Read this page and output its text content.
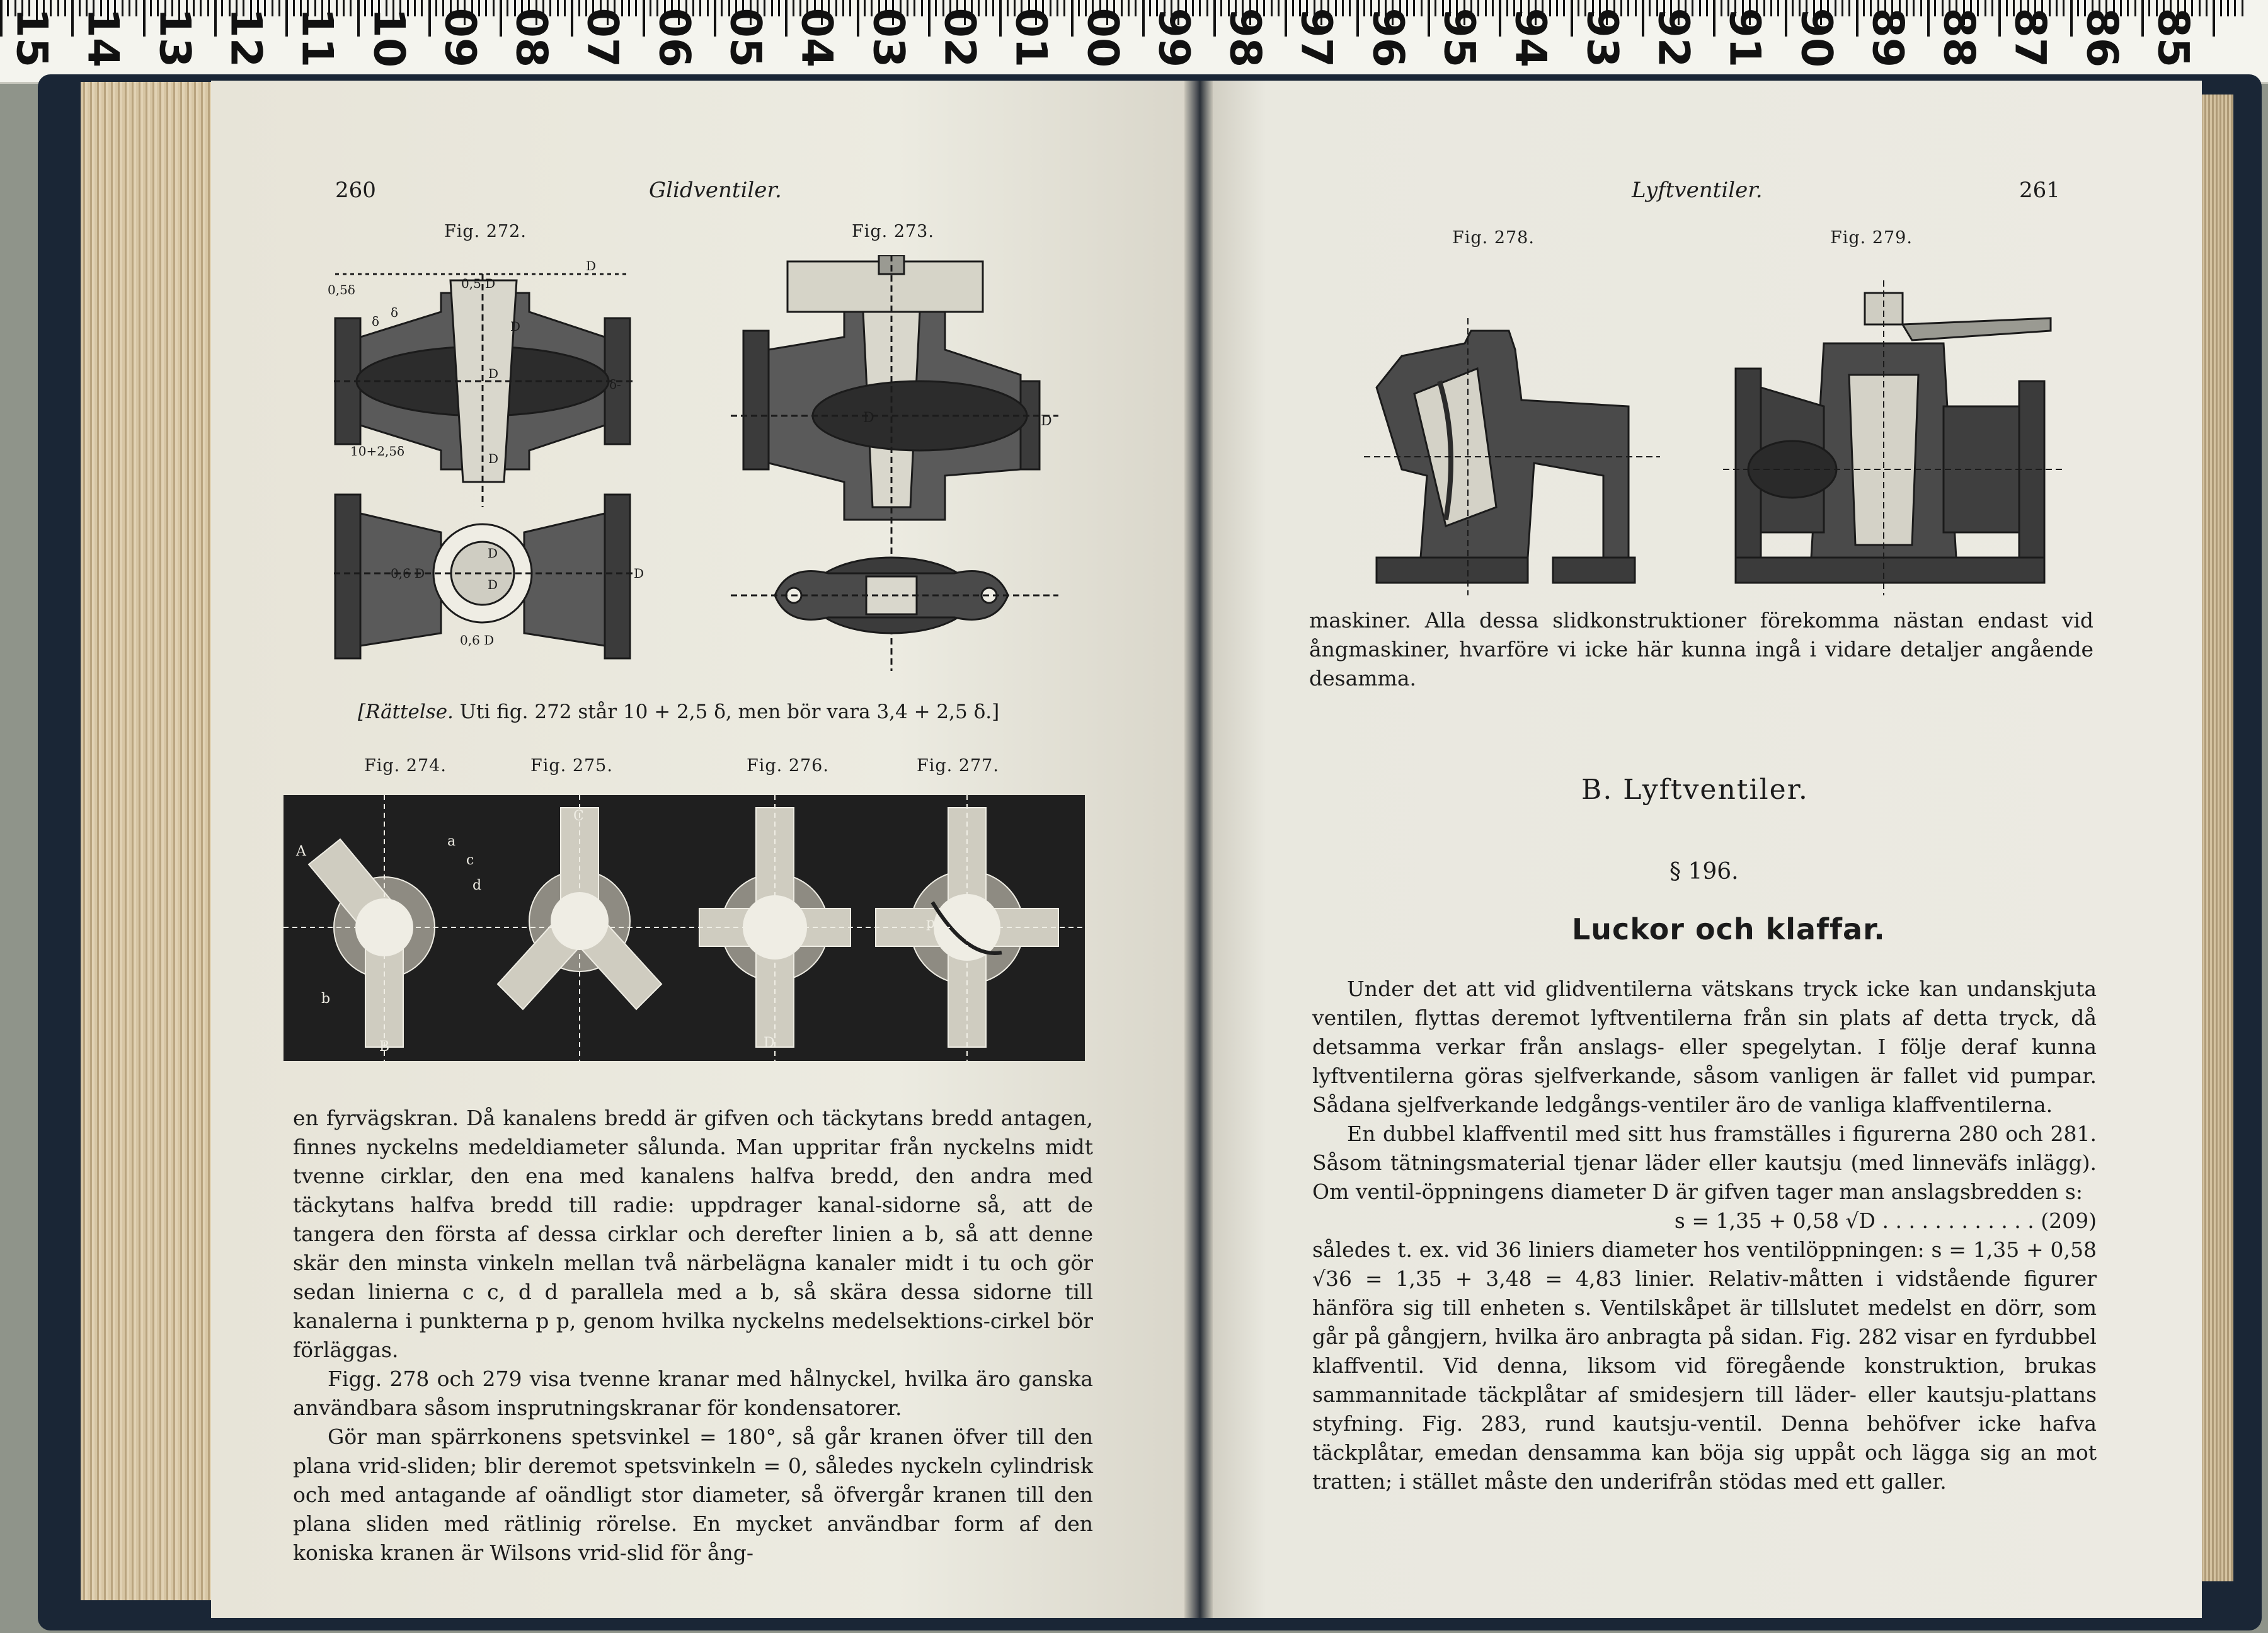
15 14 13 12 11 10 09 08 07 06 05 04 03 02 01 00 99 98 97 96 95 94 93 92 91 90 89 88 87 86 85
260	Glidventiler.
Fig. 272.	Fig. 273.
0,5δ
δ
δ
δ-
0,5 D
D
D
D
D
10+2,5δ
0,6 D
D
D
D
0,6 D
D
D
[Rättelse. Uti fig. 272 står 10 + 2,5 δ, men bör vara 3,4 + 2,5 δ.]
Fig. 274.	Fig. 275.	Fig. 276.	Fig. 277.
A
B
C
D
a
b
c
d
p

en fyrvägskran. Då kanalens bredd är gifven och täckytans bredd antagen, finnes nyckelns medeldiameter sålunda. Man uppritar från nyckelns midt tvenne cirklar, den ena med kanalens halfva bredd, den andra med täckytans halfva bredd till radie: uppdrager kanal-sidorne så, att de tangera den första af dessa cirklar och derefter linien a b, så att denne skär den minsta vinkeln mellan två närbelägna kanaler midt i tu och gör sedan linierna c c, d d parallela med a b, så skära dessa sidorne till kanalerna i punkterna p p, genom hvilka nyckelns medelsektions-cirkel bör förläggas.

Figg. 278 och 279 visa tvenne kranar med hålnyckel, hvilka äro ganska användbara såsom insprutningskranar för kondensatorer.

Gör man spärrkonens spetsvinkel = 180°, så går kranen öfver till den plana vrid-sliden; blir deremot spetsvinkeln = 0, således nyckeln cylindrisk och med antagande af oändligt stor diameter, så öfvergår kranen till den plana sliden med rätlinig rörelse. En mycket användbar form af den koniska kranen är Wilsons vrid-slid för ång-

Lyftventiler.	261
Fig. 278.	Fig. 279.

maskiner. Alla dessa slidkonstruktioner förekomma nästan endast vid ångmaskiner, hvarföre vi icke här kunna ingå i vidare detaljer angående desamma.

B. Lyftventiler.
§ 196.
Luckor och klaffar.

Under det att vid glidventilerna vätskans tryck icke kan undanskjuta ventilen, flyttas deremot lyftventilerna från sin plats af detta tryck, då detsamma verkar från anslags- eller spegelytan. I följe deraf kunna lyftventilerna göras sjelfverkande, såsom vanligen är fallet vid pumpar. Sådana sjelfverkande ledgångs-ventiler äro de vanliga klaffventilerna.

En dubbel klaffventil med sitt hus framställes i figurerna 280 och 281. Såsom tätningsmaterial tjenar läder eller kautsju (med linneväfs inlägg). Om ventil-öppningens diameter D är gifven tager man anslagsbredden s:

s = 1,35 + 0,58 √D . . . . . . . . . . . . (209)

således t. ex. vid 36 liniers diameter hos ventilöppningen: s = 1,35 + 0,58 √36 = 1,35 + 3,48 = 4,83 linier. Relativ-måtten i vidstående figurer hänföra sig till enheten s. Ventilskåpet är tillslutet medelst en dörr, som går på gångjern, hvilka äro anbragta på sidan. Fig. 282 visar en fyrdubbel klaffventil. Vid denna, liksom vid föregående konstruktion, brukas sammannitade täckplåtar af smidesjern till läder- eller kautsju-plattans styfning. Fig. 283, rund kautsju-ventil. Denna behöfver icke hafva täckplåtar, emedan densamma kan böja sig uppåt och lägga sig an mot tratten; i stället måste den underifrån stödas med ett galler.
